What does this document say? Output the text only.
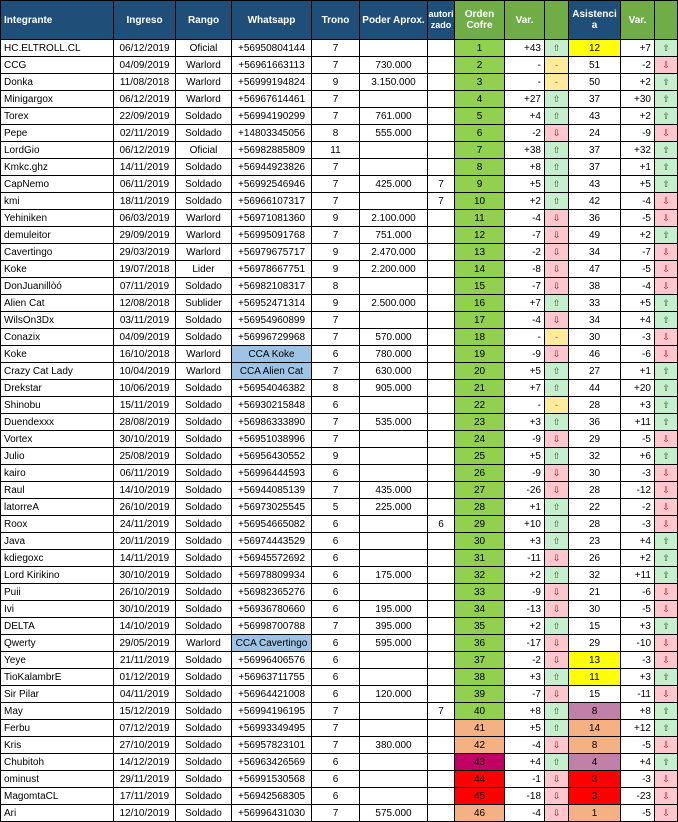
Integrante	Ingreso	Rango	Whatsapp	Trono	Poder Aprox.	autori zado	Orden Cofre	Var.		Asistenci a	Var.	
HC.ELTROLL.CL	06/12/2019	Oficial	+56950804144	7			1	+43	⇧	12	+7	⇧
CCG	04/09/2019	Warlord	+56961663113	7	730.000		2	-	-	51	-2	⇩
Donka	11/08/2018	Warlord	+56999194824	9	3.150.000		3	-	-	50	+2	⇧
Minigargox	06/12/2019	Warlord	+56967614461	7			4	+27	⇧	37	+30	⇧
Torex	22/09/2019	Soldado	+56994190299	7	761.000		5	+4	⇧	43	+2	⇧
Pepe	02/11/2019	Soldado	+14803345056	8	555.000		6	-2	⇩	24	-9	⇩
LordGio	06/12/2019	Oficial	+56982885809	11			7	+38	⇧	37	+32	⇧
Kmkc.ghz	14/11/2019	Soldado	+56944923826	7			8	+8	⇧	37	+1	⇧
CapNemo	06/11/2019	Soldado	+56992546946	7	425.000	7	9	+5	⇧	43	+5	⇧
kmi	18/11/2019	Soldado	+56966107317	7		7	10	+2	⇧	42	-4	⇩
Yehiniken	06/03/2019	Warlord	+56971081360	9	2.100.000		11	-4	⇩	36	-5	⇩
demuleitor	29/09/2019	Warlord	+56995091768	7	751.000		12	-7	⇩	49	+2	⇧
Cavertingo	29/03/2019	Warlord	+56979675717	9	2.470.000		13	-2	⇩	34	-7	⇩
Koke	19/07/2018	Lider	+56978667751	9	2.200.000		14	-8	⇩	47	-5	⇩
DonJuanillòó	07/11/2019	Soldado	+56982108317	8			15	-7	⇩	38	-4	⇩
Alien Cat	12/08/2018	Sublider	+56952471314	9	2.500.000		16	+7	⇧	33	+5	⇧
WilsOn3Dx	03/11/2019	Soldado	+56954960899	7			17	-4	⇩	34	+4	⇧
Conazix	04/09/2019	Soldado	+56996729968	7	570.000		18	-	-	30	-3	⇩
Koke	16/10/2018	Warlord	CCA Koke	6	780.000		19	-9	⇩	46	-6	⇩
Crazy Cat Lady	10/04/2019	Warlord	CCA Alien Cat	7	630.000		20	+5	⇧	27	+1	⇧
Drekstar	10/06/2019	Soldado	+56954046382	8	905.000		21	+7	⇧	44	+20	⇧
Shinobu	15/11/2019	Soldado	+56930215848	6			22	-	-	28	+3	⇧
Duendexxx	28/08/2019	Soldado	+56986333890	7	535.000		23	+3	⇧	36	+11	⇧
Vortex	30/10/2019	Soldado	+56951038996	7			24	-9	⇩	29	-5	⇩
Julio	25/08/2019	Soldado	+56956430552	9			25	+5	⇧	32	+6	⇧
kairo	06/11/2019	Soldado	+56996444593	6			26	-9	⇩	30	-3	⇩
Raul	14/10/2019	Soldado	+56944085139	7	435.000		27	-26	⇩	28	-12	⇩
latorreA	26/10/2019	Soldado	+56973025545	5	225.000		28	+1	⇧	22	-2	⇩
Roox	24/11/2019	Soldado	+56954665082	6		6	29	+10	⇧	28	-3	⇩
Java	20/11/2019	Soldado	+56974443529	6			30	+3	⇧	23	+4	⇧
kdiegoxc	14/11/2019	Soldado	+56945572692	6			31	-11	⇩	26	+2	⇧
Lord Kirikino	30/10/2019	Soldado	+56978809934	6	175.000		32	+2	⇧	32	+11	⇧
Puii	26/10/2019	Soldado	+56982365276	6			33	-9	⇩	21	-6	⇩
Ivi	30/10/2019	Soldado	+56936780660	6	195.000		34	-13	⇩	30	-5	⇩
DELTA	14/10/2019	Soldado	+56998700788	7	395.000		35	+2	⇧	15	+3	⇧
Qwerty	29/05/2019	Warlord	CCA Cavertingo	6	595.000		36	-17	⇩	29	-10	⇩
Yeye	21/11/2019	Soldado	+56996406576	6			37	-2	⇩	13	-3	⇩
TioKalambrE	01/12/2019	Soldado	+56963711755	6			38	+3	⇧	11	+3	⇧
Sir Pilar	04/11/2019	Soldado	+56964421008	6	120.000		39	-7	⇩	15	-11	⇩
May	15/12/2019	Soldado	+56994196195	7		7	40	+8	⇧	8	+8	⇧
Ferbu	07/12/2019	Soldado	+56993349495	7			41	+5	⇧	14	+12	⇧
Kris	27/10/2019	Soldado	+56957823101	7	380.000		42	-4	⇩	8	-5	⇩
Chubitoh	14/12/2019	Soldado	+56963426569	6			43	+4	⇧	4	+4	⇧
ominust	29/11/2019	Soldado	+56991530568	6			44	-1	⇩	3	-3	⇩
MagomtaCL	17/11/2019	Soldado	+56942568305	6			45	-18	⇩	3	-23	⇩
Ari	12/10/2019	Soldado	+56996431030	7	575.000		46	-4	⇩	1	-5	⇩
